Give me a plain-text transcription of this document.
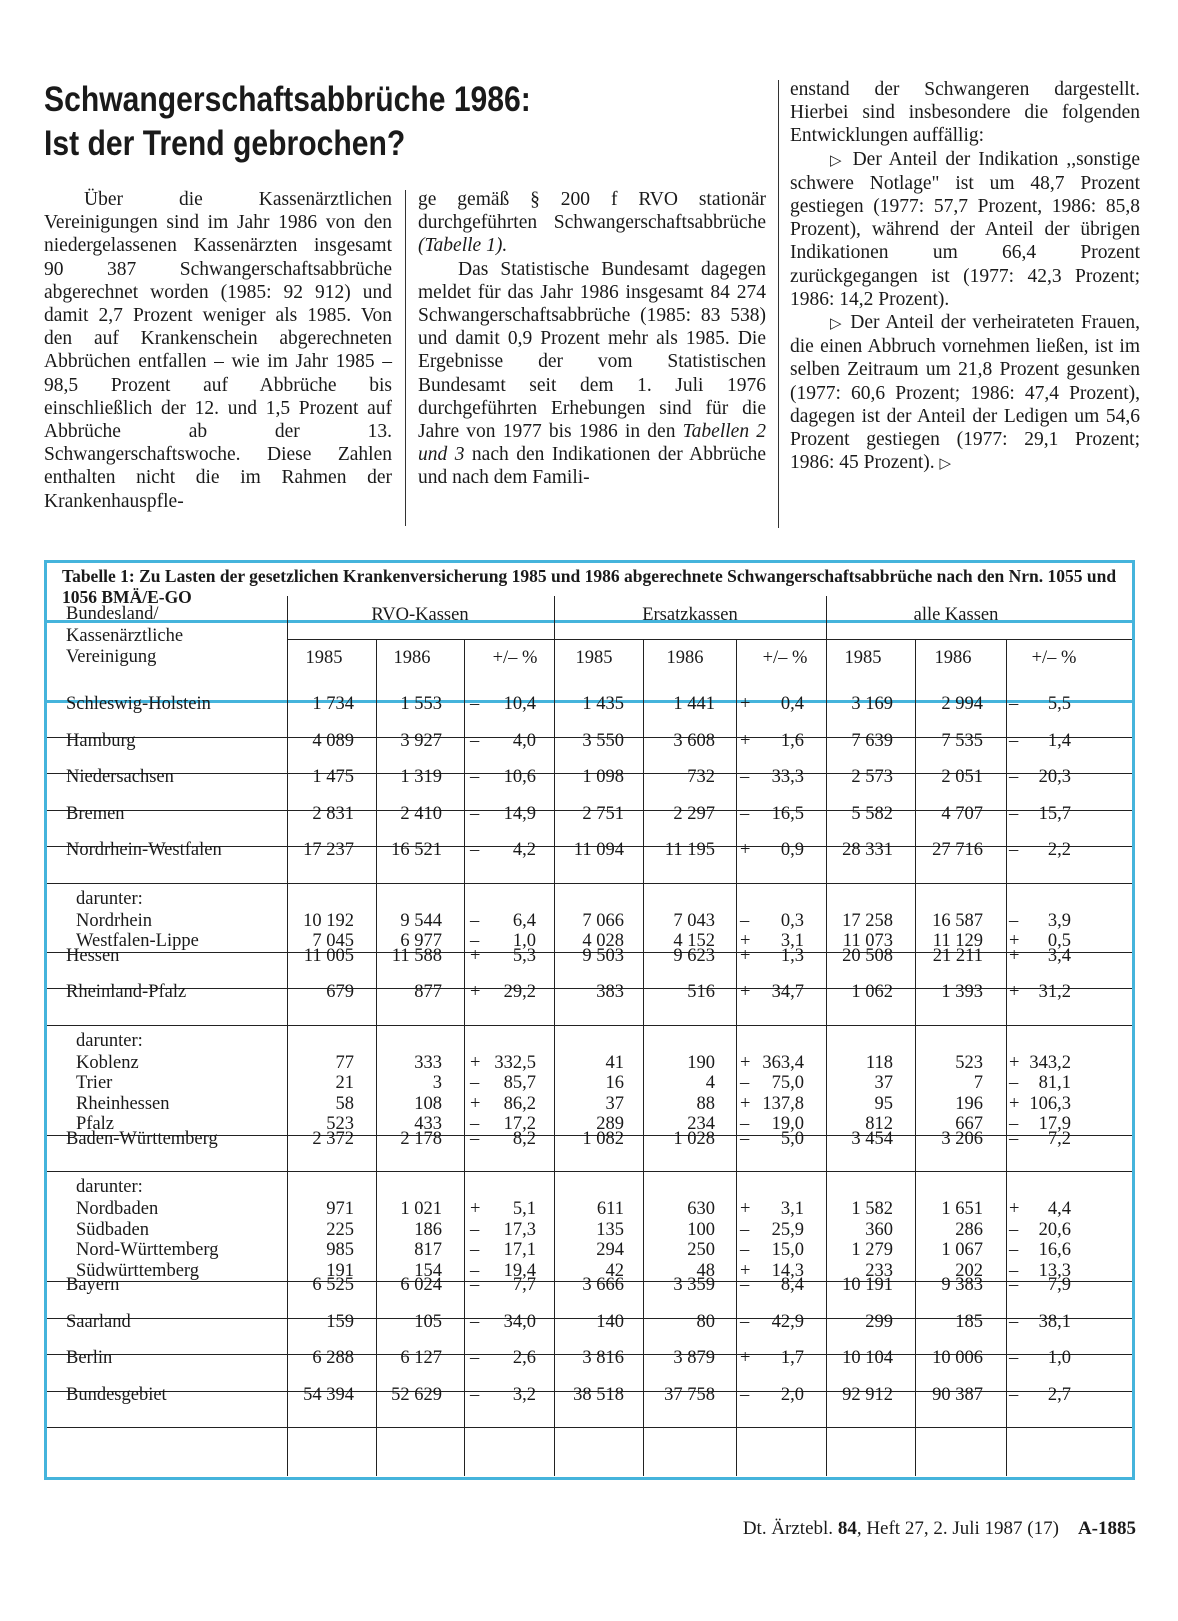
Schwangerschaftsabbrüche 1986:
Ist der Trend gebrochen?

Über die Kassenärztlichen Vereinigungen sind im Jahr 1986 von den niedergelassenen Kassenärzten insgesamt 90 387 Schwangerschaftsabbrüche abgerechnet worden (1985: 92 912) und damit 2,7 Prozent weniger als 1985. Von den auf Krankenschein abgerechneten Abbrüchen entfallen – wie im Jahr 1985 – 98,5 Prozent auf Abbrüche bis einschließlich der 12. und 1,5 Prozent auf Abbrüche ab der 13. Schwangerschaftswoche. Diese Zahlen enthalten nicht die im Rahmen der Krankenhauspfle-

ge gemäß § 200 f RVO stationär durchgeführten Schwangerschaftsabbrüche (Tabelle 1).

Das Statistische Bundesamt dagegen meldet für das Jahr 1986 insgesamt 84 274 Schwangerschaftsabbrüche (1985: 83 538) und damit 0,9 Prozent mehr als 1985. Die Ergebnisse der vom Statistischen Bundesamt seit dem 1. Juli 1976 durchgeführten Erhebungen sind für die Jahre von 1977 bis 1986 in den Tabellen 2 und 3 nach den Indikationen der Abbrüche und nach dem Famili-

enstand der Schwangeren dargestellt. Hierbei sind insbesondere die folgenden Entwicklungen auffällig:

▷ Der Anteil der Indikation ,,sonstige schwere Notlage" ist um 48,7 Prozent gestiegen (1977: 57,7 Prozent, 1986: 85,8 Prozent), während der Anteil der übrigen Indikationen um 66,4 Prozent zurückgegangen ist (1977: 42,3 Prozent; 1986: 14,2 Prozent).

▷ Der Anteil der verheirateten Frauen, die einen Abbruch vornehmen ließen, ist im selben Zeitraum um 21,8 Prozent gesunken (1977: 60,6 Prozent; 1986: 47,4 Prozent), dagegen ist der Anteil der Ledigen um 54,6 Prozent gestiegen (1977: 29,1 Prozent; 1986: 45 Prozent). ▷

Tabelle 1: Zu Lasten der gesetzlichen Krankenversicherung 1985 und 1986 abgerechnete Schwangerschaftsabbrüche nach den Nrn. 1055 und 1056 BMÄ/E-GO
Bundesland/
Kassenärztliche
Vereinigung
RVO-Kassen
1985	1986	+/– %
Ersatzkassen
1985	1986	+/– %
alle Kassen
1985	1986	+/– %
Schleswig-Holstein	1 734	1 553 –	10,4	1 435	1 441 +	0,4	3 169	2 994 –	5,5
Hamburg	4 089	3 927 –	4,0	3 550	3 608 +	1,6	7 639	7 535 –	1,4
Niedersachsen	1 475	1 319 –	10,6	1 098	732 –	33,3	2 573	2 051 –	20,3
Bremen	2 831	2 410 –	14,9	2 751	2 297 –	16,5	5 582	4 707 –	15,7
Nordrhein-Westfalen	17 237	16 521 –	4,2	11 094	11 195 +	0,9	28 331	27 716 –	2,2
darunter:
Nordrhein	10 192	9 544 –	6,4	7 066	7 043 –	0,3	17 258	16 587 –	3,9
Westfalen-Lippe	7 045	6 977 –	1,0	4 028	4 152 +	3,1	11 073	11 129 +	0,5
Hessen	11 005	11 588 +	5,3	9 503	9 623 +	1,3	20 508	21 211 +	3,4
Rheinland-Pfalz	679	877 +	29,2	383	516 +	34,7	1 062	1 393 +	31,2
darunter:
Koblenz	77	333 + 332,5	41	190 + 363,4	118	523 + 343,2
Trier	21	3 –	85,7	16	4 –	75,0	37	7 –	81,1
Rheinhessen	58	108 +	86,2	37	88 + 137,8	95	196 + 106,3
Pfalz	523	433 –	17,2	289	234 –	19,0	812	667 –	17,9
Baden-Württemberg	2 372	2 178 –	8,2	1 082	1 028 –	5,0	3 454	3 206 –	7,2
darunter:
Nordbaden	971	1 021 +	5,1	611	630 +	3,1	1 582	1 651 +	4,4
Südbaden	225	186 –	17,3	135	100 –	25,9	360	286 –	20,6
Nord-Württemberg	985	817 –	17,1	294	250 –	15,0	1 279	1 067 –	16,6
Südwürttemberg	191	154 –	19,4	42	48 +	14,3	233	202 –	13,3
Bayern	6 525	6 024 –	7,7	3 666	3 359 –	8,4	10 191	9 383 –	7,9
Saarland	159	105 –	34,0	140	80 –	42,9	299	185 –	38,1
Berlin	6 288	6 127 –	2,6	3 816	3 879 +	1,7	10 104	10 006 –	1,0
Bundesgebiet	54 394	52 629 –	3,2	38 518	37 758 –	2,0	92 912	90 387 –	2,7
Dt. Ärztebl. 84, Heft 27, 2. Juli 1987 (17) A-1885
